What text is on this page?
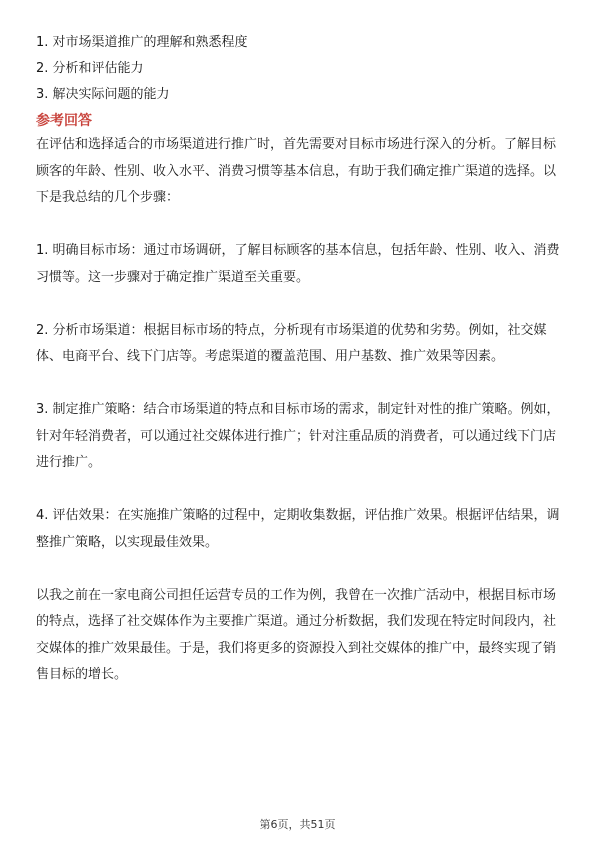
1. 对市场渠道推广的理解和熟悉程度
2. 分析和评估能力
3. 解决实际问题的能力
参考回答

在评估和选择适合的市场渠道进行推广时，首先需要对目标市场进行深入的分析。了解目标顾客的年龄、性别、收入水平、消费习惯等基本信息，有助于我们确定推广渠道的选择。以下是我总结的几个步骤：

1. 明确目标市场：通过市场调研，了解目标顾客的基本信息，包括年龄、性别、收入、消费习惯等。这一步骤对于确定推广渠道至关重要。

2. 分析市场渠道：根据目标市场的特点，分析现有市场渠道的优势和劣势。例如，社交媒体、电商平台、线下门店等。考虑渠道的覆盖范围、用户基数、推广效果等因素。

3. 制定推广策略：结合市场渠道的特点和目标市场的需求，制定针对性的推广策略。例如，针对年轻消费者，可以通过社交媒体进行推广；针对注重品质的消费者，可以通过线下门店进行推广。

4. 评估效果：在实施推广策略的过程中，定期收集数据，评估推广效果。根据评估结果，调整推广策略，以实现最佳效果。

以我之前在一家电商公司担任运营专员的工作为例，我曾在一次推广活动中，根据目标市场的特点，选择了社交媒体作为主要推广渠道。通过分析数据，我们发现在特定时间段内，社交媒体的推广效果最佳。于是，我们将更多的资源投入到社交媒体的推广中，最终实现了销售目标的增长。

第6页，共51页
